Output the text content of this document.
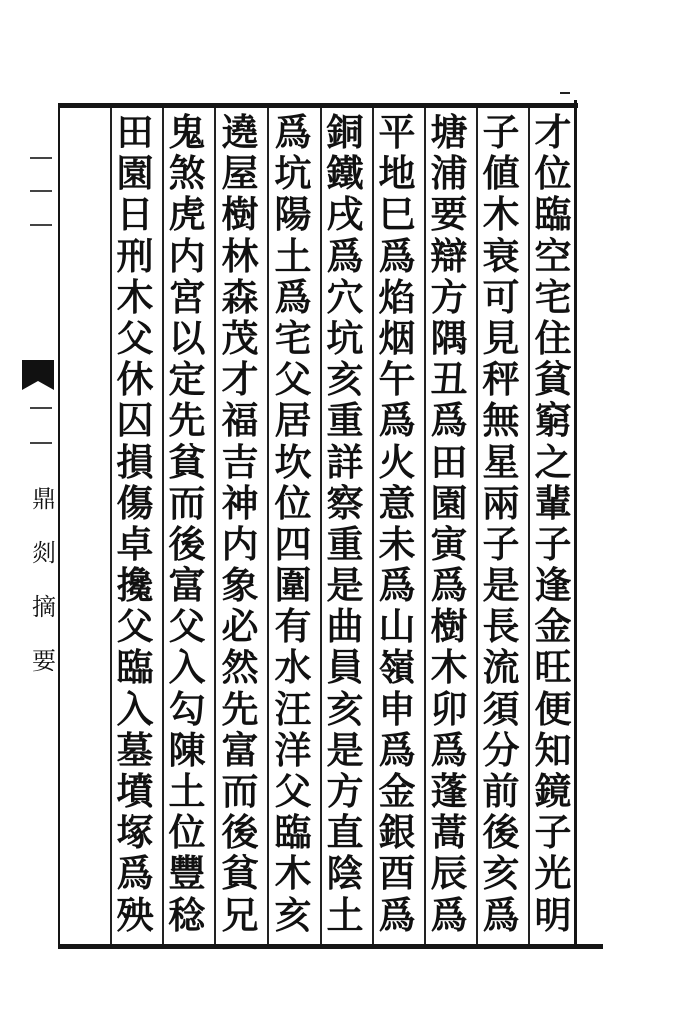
才
位
臨
空
宅
住
貧
窮
之
輩
子
逢
金
旺
便
知
鏡
子
光
明
子
値
木
衰
可
見
秤
無
星
兩
子
是
長
流
須
分
前
後
亥
爲
塘
浦
要
辯
方
隅
丑
爲
田
園
寅
爲
樹
木
卯
爲
蓬
蒿
辰
爲
平
地
巳
爲
焰
烟
午
爲
火
意
未
爲
山
嶺
申
爲
金
銀
酉
爲
銅
鐵
戌
爲
穴
坑
亥
重
詳
察
重
是
曲
員
亥
是
方
直
陰
土
爲
坑
陽
土
爲
宅
父
居
坎
位
四
圍
有
水
汪
洋
父
臨
木
亥
遶
屋
樹
林
森
茂
才
福
吉
神
内
象
必
然
先
富
而
後
貧
兄
鬼
煞
虎
内
宮
以
定
先
貧
而
後
富
父
入
勾
陳
土
位
豐
稔
田
園
日
刑
木
父
休
囚
損
傷
卓
攙
父
臨
入
墓
墳
塚
爲
殃
鼎
剡
摘
要
